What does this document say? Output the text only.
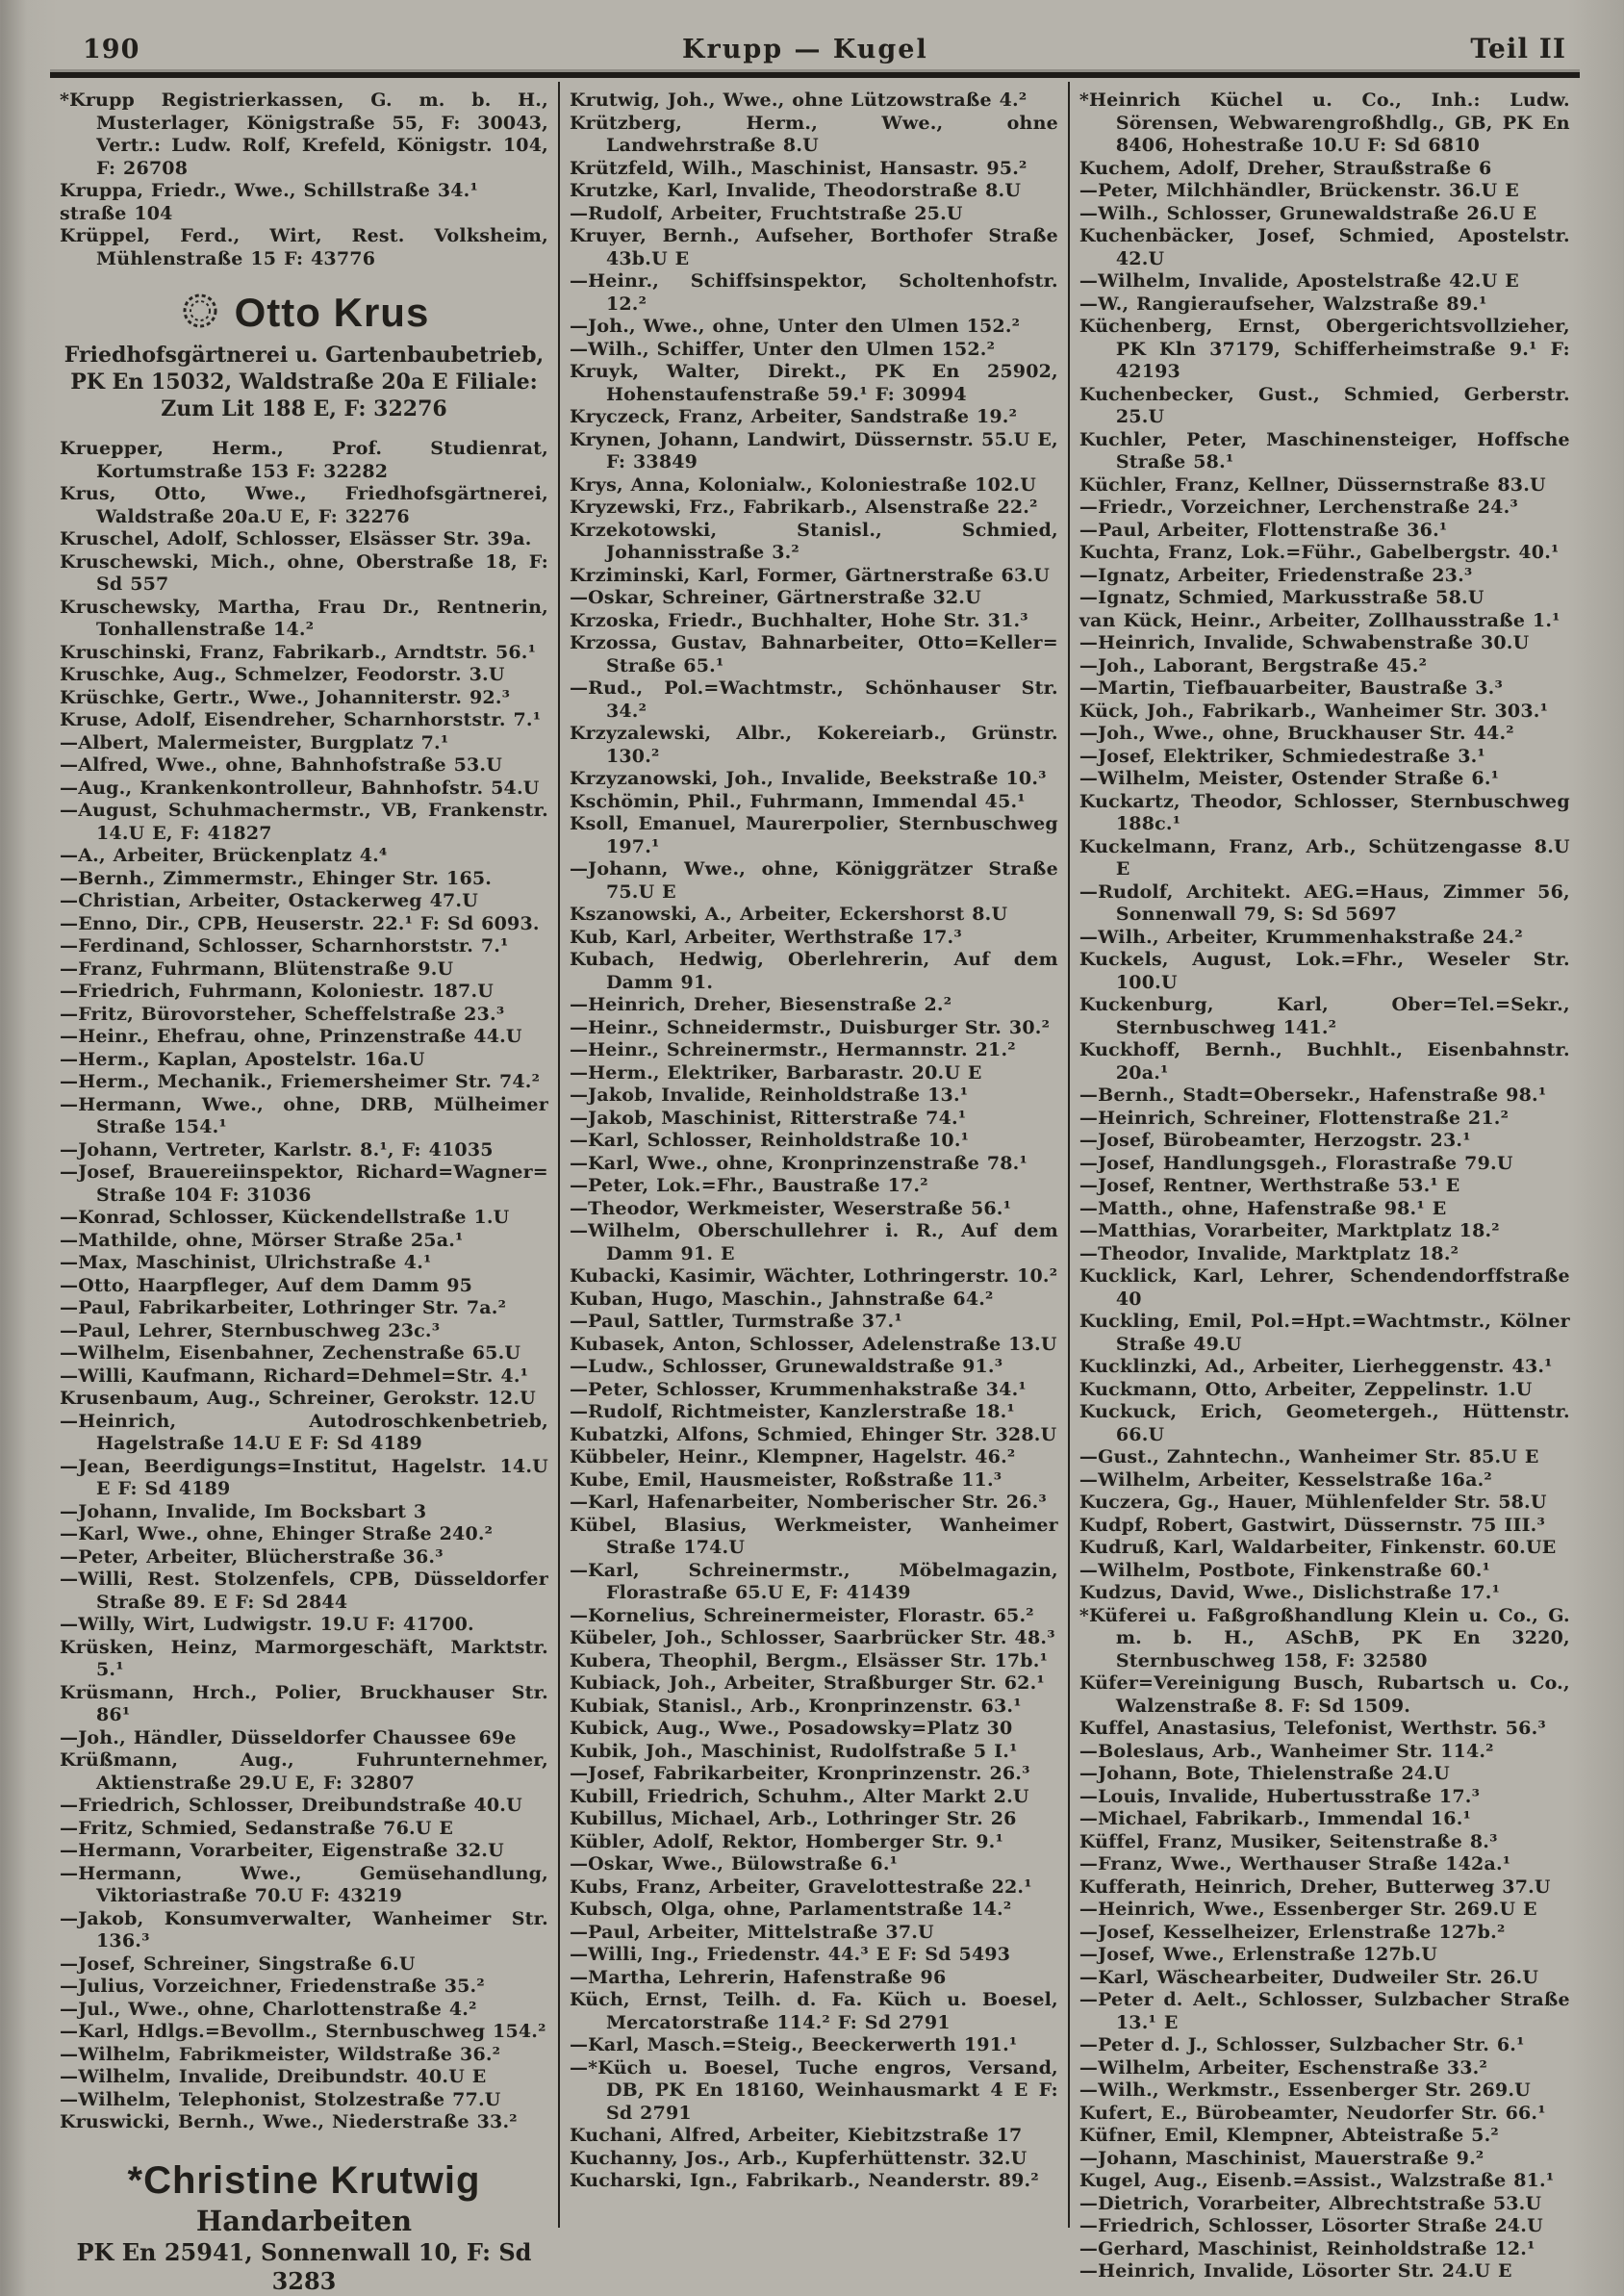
190	Krupp — Kugel	Teil II
*Krupp Registrierkassen, G. m. b. H., Musterlager, Königstraße 55, F: 30043, Vertr.: Ludw. Rolf, Krefeld, Königstr. 104, F: 26708
Kruppa, Friedr., Wwe., Schillstraße 34.¹
straße 104
Krüppel, Ferd., Wirt, Rest. Volksheim, Mühlenstraße 15 F: 43776
Otto Krus
Friedhofsgärtnerei u. Gartenbaubetrieb,
PK En 15032, Waldstraße 20a E Filiale:
Zum Lit 188 E, F: 32276
Kruepper, Herm., Prof. Studienrat, Kortumstraße 153 F: 32282
Krus, Otto, Wwe., Friedhofsgärtnerei, Waldstraße 20a.U E, F: 32276
Kruschel, Adolf, Schlosser, Elsässer Str. 39a.
Kruschewski, Mich., ohne, Oberstraße 18, F: Sd 557
Kruschewsky, Martha, Frau Dr., Rentnerin, Tonhallenstraße 14.²
Kruschinski, Franz, Fabrikarb., Arndtstr. 56.¹
Kruschke, Aug., Schmelzer, Feodorstr. 3.U
Krüschke, Gertr., Wwe., Johanniterstr. 92.³
Kruse, Adolf, Eisendreher, Scharnhorststr. 7.¹
—Albert, Malermeister, Burgplatz 7.¹
—Alfred, Wwe., ohne, Bahnhofstraße 53.U
—Aug., Krankenkontrolleur, Bahnhofstr. 54.U
—August, Schuhmachermstr., VB, Frankenstr. 14.U E, F: 41827
—A., Arbeiter, Brückenplatz 4.⁴
—Bernh., Zimmermstr., Ehinger Str. 165.
—Christian, Arbeiter, Ostackerweg 47.U
—Enno, Dir., CPB, Heuserstr. 22.¹ F: Sd 6093.
—Ferdinand, Schlosser, Scharnhorststr. 7.¹
—Franz, Fuhrmann, Blütenstraße 9.U
—Friedrich, Fuhrmann, Koloniestr. 187.U
—Fritz, Bürovorsteher, Scheffelstraße 23.³
—Heinr., Ehefrau, ohne, Prinzenstraße 44.U
—Herm., Kaplan, Apostelstr. 16a.U
—Herm., Mechanik., Friemersheimer Str. 74.²
—Hermann, Wwe., ohne, DRB, Mülheimer Straße 154.¹
—Johann, Vertreter, Karlstr. 8.¹, F: 41035
—Josef, Brauereiinspektor, Richard=Wagner= Straße 104 F: 31036
—Konrad, Schlosser, Kückendellstraße 1.U
—Mathilde, ohne, Mörser Straße 25a.¹
—Max, Maschinist, Ulrichstraße 4.¹
—Otto, Haarpfleger, Auf dem Damm 95
—Paul, Fabrikarbeiter, Lothringer Str. 7a.²
—Paul, Lehrer, Sternbuschweg 23c.³
—Wilhelm, Eisenbahner, Zechenstraße 65.U
—Willi, Kaufmann, Richard=Dehmel=Str. 4.¹
Krusenbaum, Aug., Schreiner, Gerokstr. 12.U
—Heinrich, Autodroschkenbetrieb, Hagelstraße 14.U E F: Sd 4189
—Jean, Beerdigungs=Institut, Hagelstr. 14.U E F: Sd 4189
—Johann, Invalide, Im Bocksbart 3
—Karl, Wwe., ohne, Ehinger Straße 240.²
—Peter, Arbeiter, Blücherstraße 36.³
—Willi, Rest. Stolzenfels, CPB, Düsseldorfer Straße 89. E F: Sd 2844
—Willy, Wirt, Ludwigstr. 19.U F: 41700.
Krüsken, Heinz, Marmorgeschäft, Marktstr. 5.¹
Krüsmann, Hrch., Polier, Bruckhauser Str. 86¹
—Joh., Händler, Düsseldorfer Chaussee 69e
Krüßmann, Aug., Fuhrunternehmer, Aktienstraße 29.U E, F: 32807
—Friedrich, Schlosser, Dreibundstraße 40.U
—Fritz, Schmied, Sedanstraße 76.U E
—Hermann, Vorarbeiter, Eigenstraße 32.U
—Hermann, Wwe., Gemüsehandlung, Viktoriastraße 70.U F: 43219
—Jakob, Konsumverwalter, Wanheimer Str. 136.³
—Josef, Schreiner, Singstraße 6.U
—Julius, Vorzeichner, Friedenstraße 35.²
—Jul., Wwe., ohne, Charlottenstraße 4.²
—Karl, Hdlgs.=Bevollm., Sternbuschweg 154.²
—Wilhelm, Fabrikmeister, Wildstraße 36.²
—Wilhelm, Invalide, Dreibundstr. 40.U E
—Wilhelm, Telephonist, Stolzestraße 77.U
Kruswicki, Bernh., Wwe., Niederstraße 33.²
*Christine Krutwig
Handarbeiten
PK En 25941, Sonnenwall 10, F: Sd 3283
Krutwig, Joh., Wwe., ohne Lützowstraße 4.²
Krützberg, Herm., Wwe., ohne Landwehrstraße 8.U
Krützfeld, Wilh., Maschinist, Hansastr. 95.²
Krutzke, Karl, Invalide, Theodorstraße 8.U
—Rudolf, Arbeiter, Fruchtstraße 25.U
Kruyer, Bernh., Aufseher, Borthofer Straße 43b.U E
—Heinr., Schiffsinspektor, Scholtenhofstr. 12.²
—Joh., Wwe., ohne, Unter den Ulmen 152.²
—Wilh., Schiffer, Unter den Ulmen 152.²
Kruyk, Walter, Direkt., PK En 25902, Hohenstaufenstraße 59.¹ F: 30994
Kryczeck, Franz, Arbeiter, Sandstraße 19.²
Krynen, Johann, Landwirt, Düssernstr. 55.U E, F: 33849
Krys, Anna, Kolonialw., Koloniestraße 102.U
Kryzewski, Frz., Fabrikarb., Alsenstraße 22.²
Krzekotowski, Stanisl., Schmied, Johannisstraße 3.²
Krziminski, Karl, Former, Gärtnerstraße 63.U
—Oskar, Schreiner, Gärtnerstraße 32.U
Krzoska, Friedr., Buchhalter, Hohe Str. 31.³
Krzossa, Gustav, Bahnarbeiter, Otto=Keller= Straße 65.¹
—Rud., Pol.=Wachtmstr., Schönhauser Str. 34.²
Krzyzalewski, Albr., Kokereiarb., Grünstr. 130.²
Krzyzanowski, Joh., Invalide, Beekstraße 10.³
Kschömin, Phil., Fuhrmann, Immendal 45.¹
Ksoll, Emanuel, Maurerpolier, Sternbuschweg 197.¹
—Johann, Wwe., ohne, Königgrätzer Straße 75.U E
Kszanowski, A., Arbeiter, Eckershorst 8.U
Kub, Karl, Arbeiter, Werthstraße 17.³
Kubach, Hedwig, Oberlehrerin, Auf dem Damm 91.
—Heinrich, Dreher, Biesenstraße 2.²
—Heinr., Schneidermstr., Duisburger Str. 30.²
—Heinr., Schreinermstr., Hermannstr. 21.²
—Herm., Elektriker, Barbarastr. 20.U E
—Jakob, Invalide, Reinholdstraße 13.¹
—Jakob, Maschinist, Ritterstraße 74.¹
—Karl, Schlosser, Reinholdstraße 10.¹
—Karl, Wwe., ohne, Kronprinzenstraße 78.¹
—Peter, Lok.=Fhr., Baustraße 17.²
—Theodor, Werkmeister, Weserstraße 56.¹
—Wilhelm, Oberschullehrer i. R., Auf dem Damm 91. E
Kubacki, Kasimir, Wächter, Lothringerstr. 10.²
Kuban, Hugo, Maschin., Jahnstraße 64.²
—Paul, Sattler, Turmstraße 37.¹
Kubasek, Anton, Schlosser, Adelenstraße 13.U
—Ludw., Schlosser, Grunewaldstraße 91.³
—Peter, Schlosser, Krummenhakstraße 34.¹
—Rudolf, Richtmeister, Kanzlerstraße 18.¹
Kubatzki, Alfons, Schmied, Ehinger Str. 328.U
Kübbeler, Heinr., Klempner, Hagelstr. 46.²
Kube, Emil, Hausmeister, Roßstraße 11.³
—Karl, Hafenarbeiter, Nomberischer Str. 26.³
Kübel, Blasius, Werkmeister, Wanheimer Straße 174.U
—Karl, Schreinermstr., Möbelmagazin, Florastraße 65.U E, F: 41439
—Kornelius, Schreinermeister, Florastr. 65.²
Kübeler, Joh., Schlosser, Saarbrücker Str. 48.³
Kubera, Theophil, Bergm., Elsässer Str. 17b.¹
Kubiack, Joh., Arbeiter, Straßburger Str. 62.¹
Kubiak, Stanisl., Arb., Kronprinzenstr. 63.¹
Kubick, Aug., Wwe., Posadowsky=Platz 30
Kubik, Joh., Maschinist, Rudolfstraße 5 I.¹
—Josef, Fabrikarbeiter, Kronprinzenstr. 26.³
Kubill, Friedrich, Schuhm., Alter Markt 2.U
Kubillus, Michael, Arb., Lothringer Str. 26
Kübler, Adolf, Rektor, Homberger Str. 9.¹
—Oskar, Wwe., Bülowstraße 6.¹
Kubs, Franz, Arbeiter, Gravelottestraße 22.¹
Kubsch, Olga, ohne, Parlamentstraße 14.²
—Paul, Arbeiter, Mittelstraße 37.U
—Willi, Ing., Friedenstr. 44.³ E F: Sd 5493
—Martha, Lehrerin, Hafenstraße 96
Küch, Ernst, Teilh. d. Fa. Küch u. Boesel, Mercatorstraße 114.² F: Sd 2791
—Karl, Masch.=Steig., Beeckerwerth 191.¹
—*Küch u. Boesel, Tuche engros, Versand, DB, PK En 18160, Weinhausmarkt 4 E F: Sd 2791
Kuchani, Alfred, Arbeiter, Kiebitzstraße 17
Kuchanny, Jos., Arb., Kupferhüttenstr. 32.U
Kucharski, Ign., Fabrikarb., Neanderstr. 89.²
*Heinrich Küchel u. Co., Inh.: Ludw. Sörensen, Webwarengroßhdlg., GB, PK En 8406, Hohestraße 10.U F: Sd 6810
Kuchem, Adolf, Dreher, Straußstraße 6
—Peter, Milchhändler, Brückenstr. 36.U E
—Wilh., Schlosser, Grunewaldstraße 26.U E
Kuchenbäcker, Josef, Schmied, Apostelstr. 42.U
—Wilhelm, Invalide, Apostelstraße 42.U E
—W., Rangieraufseher, Walzstraße 89.¹
Küchenberg, Ernst, Obergerichtsvollzieher, PK Kln 37179, Schifferheimstraße 9.¹ F: 42193
Kuchenbecker, Gust., Schmied, Gerberstr. 25.U
Kuchler, Peter, Maschinensteiger, Hoffsche Straße 58.¹
Küchler, Franz, Kellner, Düssernstraße 83.U
—Friedr., Vorzeichner, Lerchenstraße 24.³
—Paul, Arbeiter, Flottenstraße 36.¹
Kuchta, Franz, Lok.=Führ., Gabelbergstr. 40.¹
—Ignatz, Arbeiter, Friedenstraße 23.³
—Ignatz, Schmied, Markusstraße 58.U
van Kück, Heinr., Arbeiter, Zollhausstraße 1.¹
—Heinrich, Invalide, Schwabenstraße 30.U
—Joh., Laborant, Bergstraße 45.²
—Martin, Tiefbauarbeiter, Baustraße 3.³
Kück, Joh., Fabrikarb., Wanheimer Str. 303.¹
—Joh., Wwe., ohne, Bruckhauser Str. 44.²
—Josef, Elektriker, Schmiedestraße 3.¹
—Wilhelm, Meister, Ostender Straße 6.¹
Kuckartz, Theodor, Schlosser, Sternbuschweg 188c.¹
Kuckelmann, Franz, Arb., Schützengasse 8.U E
—Rudolf, Architekt. AEG.=Haus, Zimmer 56, Sonnenwall 79, S: Sd 5697
—Wilh., Arbeiter, Krummenhakstraße 24.²
Kuckels, August, Lok.=Fhr., Weseler Str. 100.U
Kuckenburg, Karl, Ober=Tel.=Sekr., Sternbuschweg 141.²
Kuckhoff, Bernh., Buchhlt., Eisenbahnstr. 20a.¹
—Bernh., Stadt=Obersekr., Hafenstraße 98.¹
—Heinrich, Schreiner, Flottenstraße 21.²
—Josef, Bürobeamter, Herzogstr. 23.¹
—Josef, Handlungsgeh., Florastraße 79.U
—Josef, Rentner, Werthstraße 53.¹ E
—Matth., ohne, Hafenstraße 98.¹ E
—Matthias, Vorarbeiter, Marktplatz 18.²
—Theodor, Invalide, Marktplatz 18.²
Kucklick, Karl, Lehrer, Schendendorffstraße 40
Kuckling, Emil, Pol.=Hpt.=Wachtmstr., Kölner Straße 49.U
Kucklinzki, Ad., Arbeiter, Lierheggenstr. 43.¹
Kuckmann, Otto, Arbeiter, Zeppelinstr. 1.U
Kuckuck, Erich, Geometergeh., Hüttenstr. 66.U
—Gust., Zahntechn., Wanheimer Str. 85.U E
—Wilhelm, Arbeiter, Kesselstraße 16a.²
Kuczera, Gg., Hauer, Mühlenfelder Str. 58.U
Kudpf, Robert, Gastwirt, Düssernstr. 75 III.³
Kudruß, Karl, Waldarbeiter, Finkenstr. 60.UE
—Wilhelm, Postbote, Finkenstraße 60.¹
Kudzus, David, Wwe., Dislichstraße 17.¹
*Küferei u. Faßgroßhandlung Klein u. Co., G. m. b. H., ASchB, PK En 3220, Sternbuschweg 158, F: 32580
Küfer=Vereinigung Busch, Rubartsch u. Co., Walzenstraße 8. F: Sd 1509.
Kuffel, Anastasius, Telefonist, Werthstr. 56.³
—Boleslaus, Arb., Wanheimer Str. 114.²
—Johann, Bote, Thielenstraße 24.U
—Louis, Invalide, Hubertusstraße 17.³
—Michael, Fabrikarb., Immendal 16.¹
Küffel, Franz, Musiker, Seitenstraße 8.³
—Franz, Wwe., Werthauser Straße 142a.¹
Kufferath, Heinrich, Dreher, Butterweg 37.U
—Heinrich, Wwe., Essenberger Str. 269.U E
—Josef, Kesselheizer, Erlenstraße 127b.²
—Josef, Wwe., Erlenstraße 127b.U
—Karl, Wäschearbeiter, Dudweiler Str. 26.U
—Peter d. Aelt., Schlosser, Sulzbacher Straße 13.¹ E
—Peter d. J., Schlosser, Sulzbacher Str. 6.¹
—Wilhelm, Arbeiter, Eschenstraße 33.²
—Wilh., Werkmstr., Essenberger Str. 269.U
Kufert, E., Bürobeamter, Neudorfer Str. 66.¹
Küfner, Emil, Klempner, Abteistraße 5.²
—Johann, Maschinist, Mauerstraße 9.²
Kugel, Aug., Eisenb.=Assist., Walzstraße 81.¹
—Dietrich, Vorarbeiter, Albrechtstraße 53.U
—Friedrich, Schlosser, Lösorter Straße 24.U
—Gerhard, Maschinist, Reinholdstraße 12.¹
—Heinrich, Invalide, Lösorter Str. 24.U E
